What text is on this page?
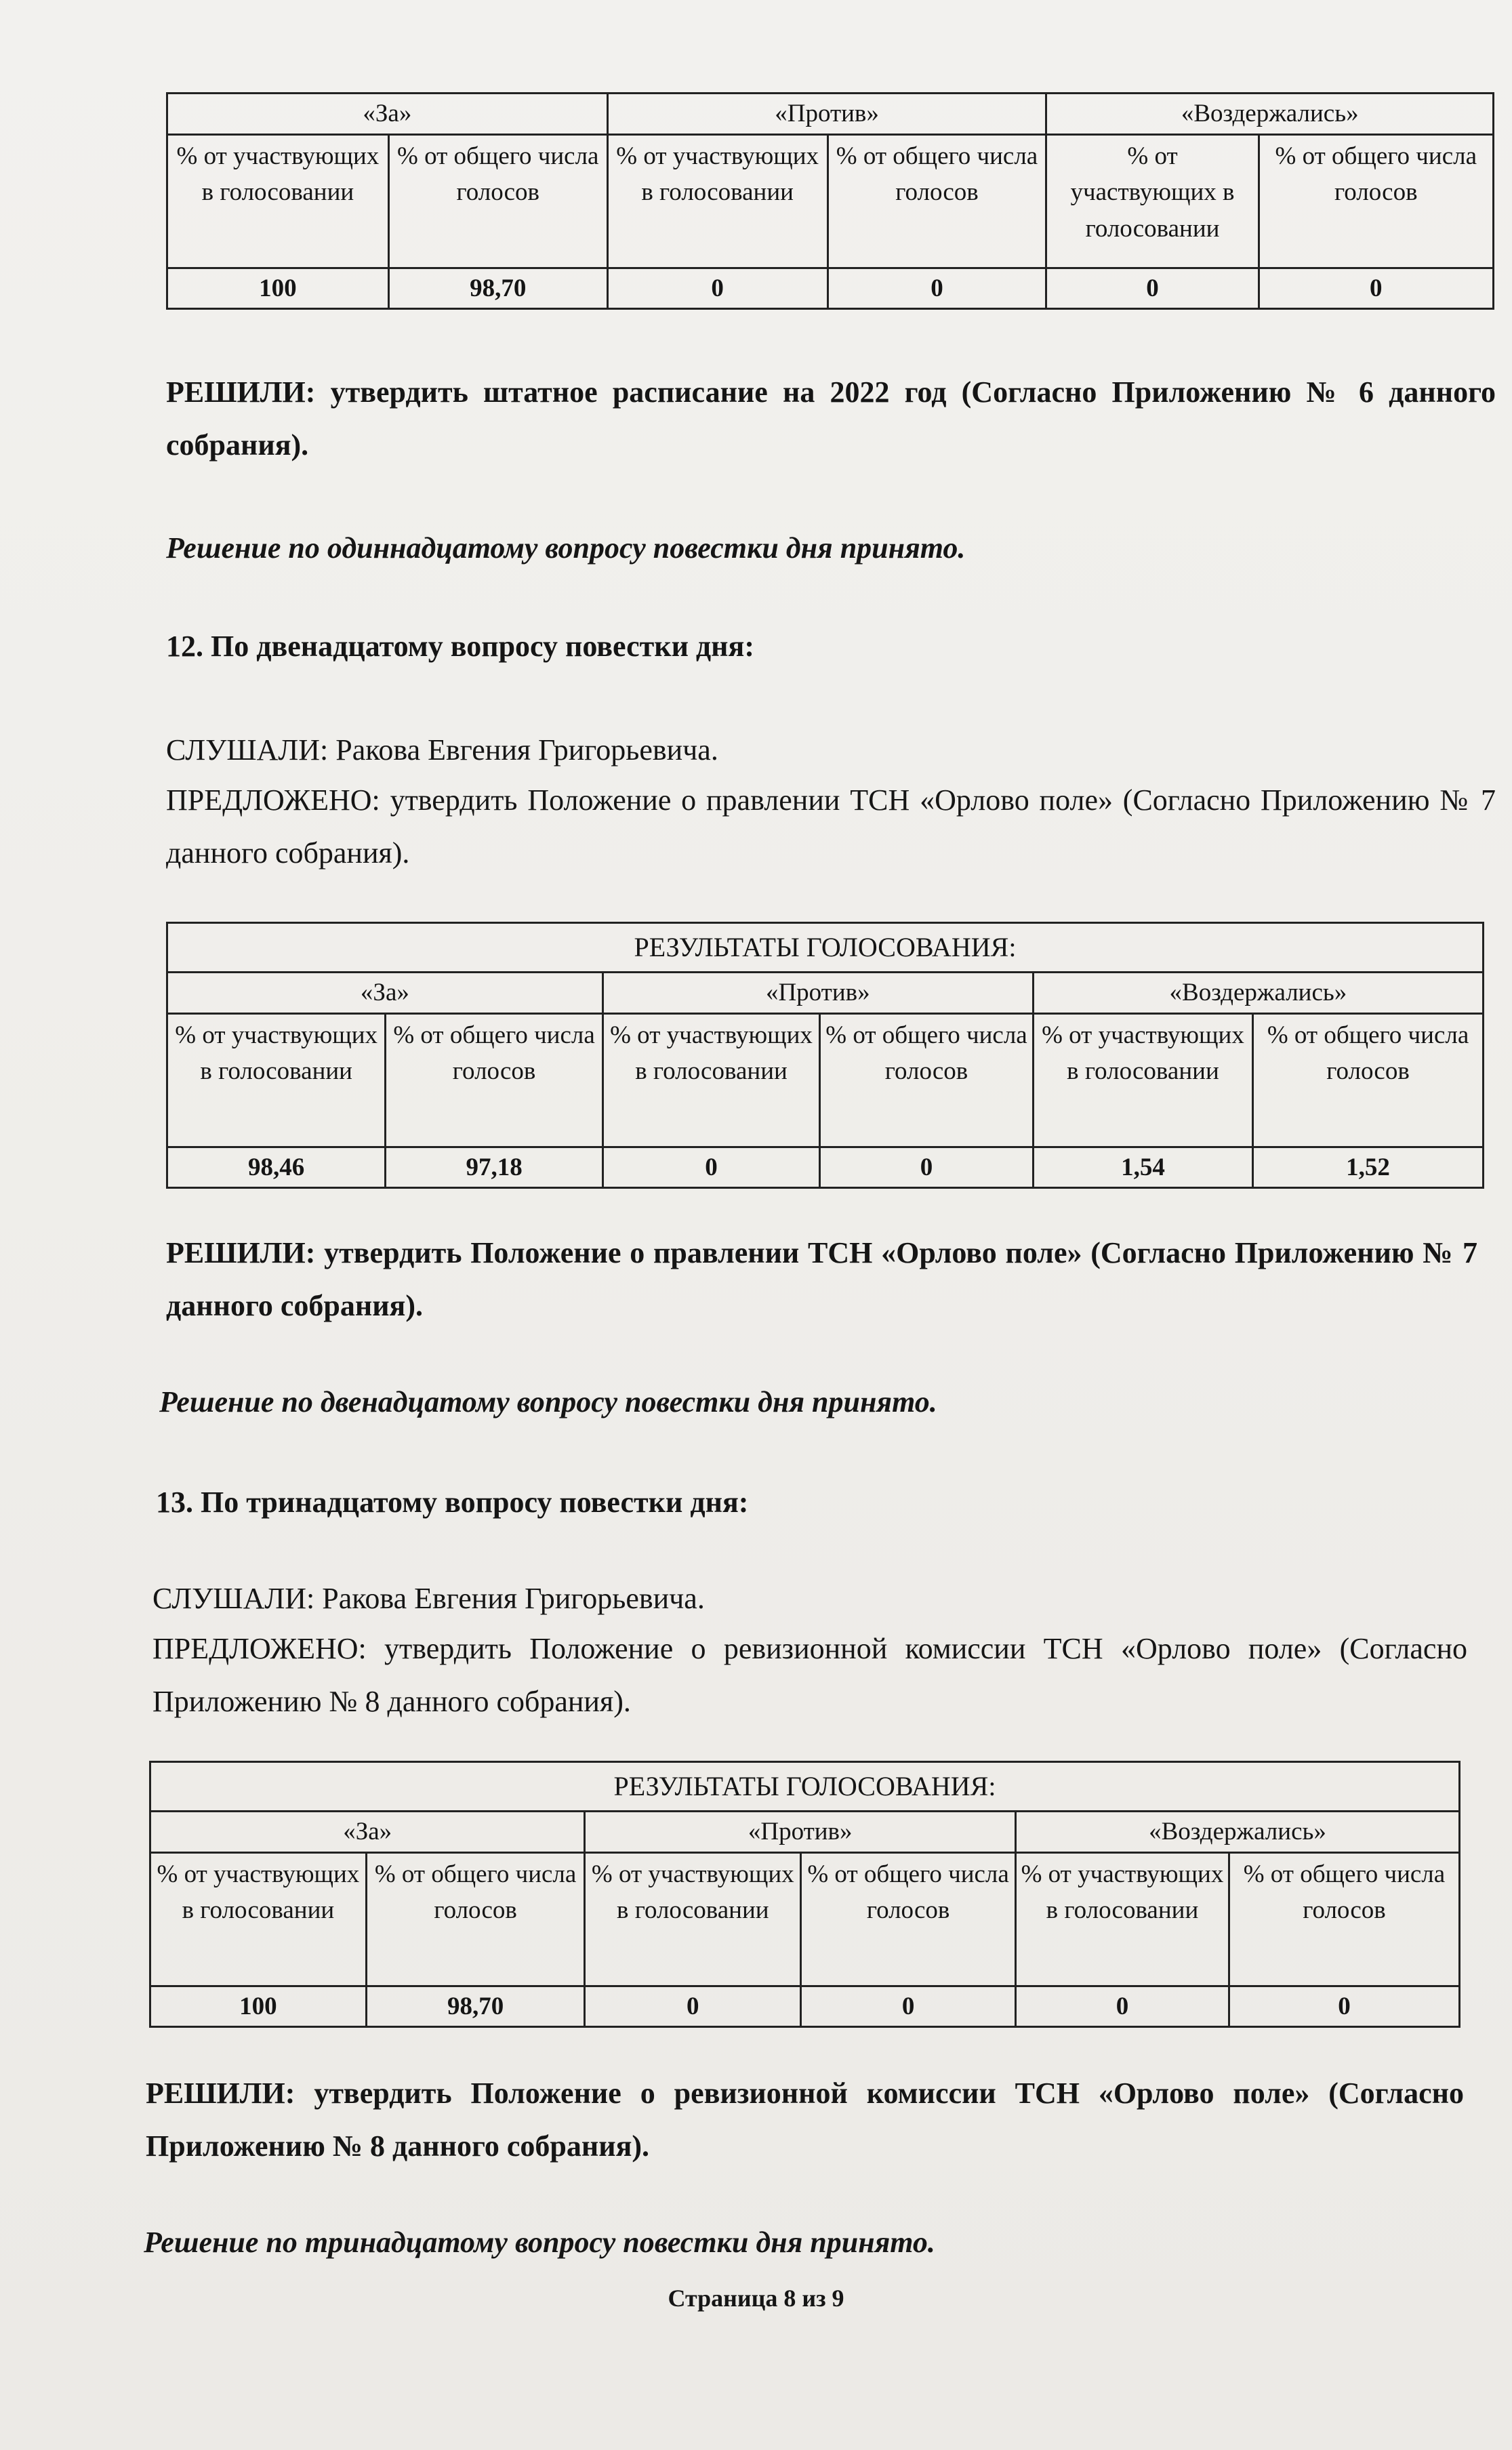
«За»		«Против»		«Воздержались»	
% от участвующих в голосовании	% от общего числа голосов	% от участвующих в голосовании	% от общего числа голосов	% от участвующих в голосовании	% от общего числа голосов
100	98,70	0	0	0	0

РЕШИЛИ: утвердить штатное расписание на 2022 год (Согласно Приложению № 6 данного собрания).

Решение по одиннадцатому вопросу повестки дня принято.

12. По двенадцатому вопросу повестки дня:

СЛУШАЛИ: Ракова Евгения Григорьевича.

ПРЕДЛОЖЕНО: утвердить Положение о правлении ТСН «Орлово поле» (Согласно Приложению № 7 данного собрания).

РЕЗУЛЬТАТЫ ГОЛОСОВАНИЯ:					
«За»		«Против»		«Воздержались»	
% от участвующих в голосовании	% от общего числа голосов	% от участвующих в голосовании	% от общего числа голосов	% от участвующих в голосовании	% от общего числа голосов
98,46	97,18	0	0	1,54	1,52

РЕШИЛИ: утвердить Положение о правлении ТСН «Орлово поле» (Согласно Приложению № 7 данного собрания).

Решение по двенадцатому вопросу повестки дня принято.

13. По тринадцатому вопросу повестки дня:

СЛУШАЛИ: Ракова Евгения Григорьевича.

ПРЕДЛОЖЕНО: утвердить Положение о ревизионной комиссии ТСН «Орлово поле» (Согласно Приложению № 8 данного собрания).

РЕЗУЛЬТАТЫ ГОЛОСОВАНИЯ:					
«За»		«Против»		«Воздержались»	
% от участвующих в голосовании	% от общего числа голосов	% от участвующих в голосовании	% от общего числа голосов	% от участвующих в голосовании	% от общего числа голосов
100	98,70	0	0	0	0

РЕШИЛИ: утвердить Положение о ревизионной комиссии ТСН «Орлово поле» (Согласно Приложению № 8 данного собрания).

Решение по тринадцатому вопросу повестки дня принято.

Страница 8 из 9
